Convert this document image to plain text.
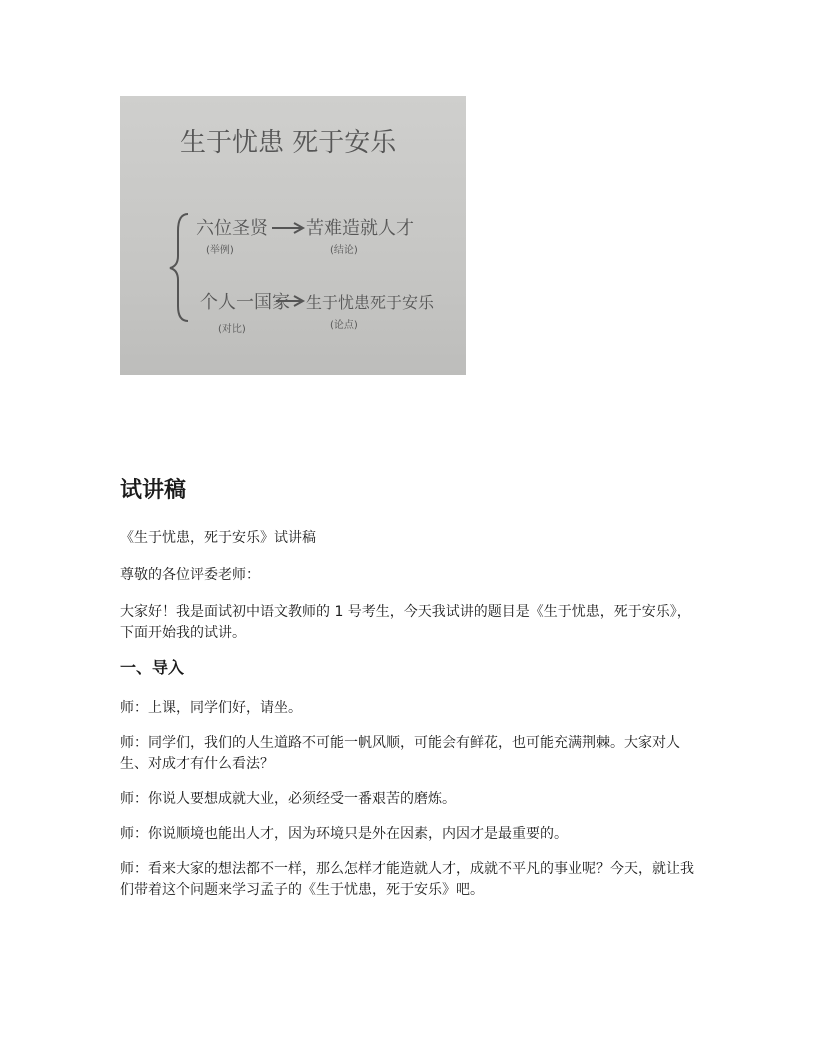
生于忧患 死于安乐
六位圣贤
(举例)
苦难造就人才
(结论)
个人一国家
(对比)
生于忧患死于安乐
(论点)
试讲稿

《生于忧患，死于安乐》试讲稿

尊敬的各位评委老师：

大家好！我是面试初中语文教师的 1 号考生，今天我试讲的题目是《生于忧患，死于安乐》，下面开始我的试讲。

一、导入

师：上课，同学们好，请坐。

师：同学们，我们的人生道路不可能一帆风顺，可能会有鲜花，也可能充满荆棘。大家对人生、对成才有什么看法？

师：你说人要想成就大业，必须经受一番艰苦的磨炼。

师：你说顺境也能出人才，因为环境只是外在因素，内因才是最重要的。

师：看来大家的想法都不一样，那么怎样才能造就人才，成就不平凡的事业呢？今天，就让我们带着这个问题来学习孟子的《生于忧患，死于安乐》吧。
